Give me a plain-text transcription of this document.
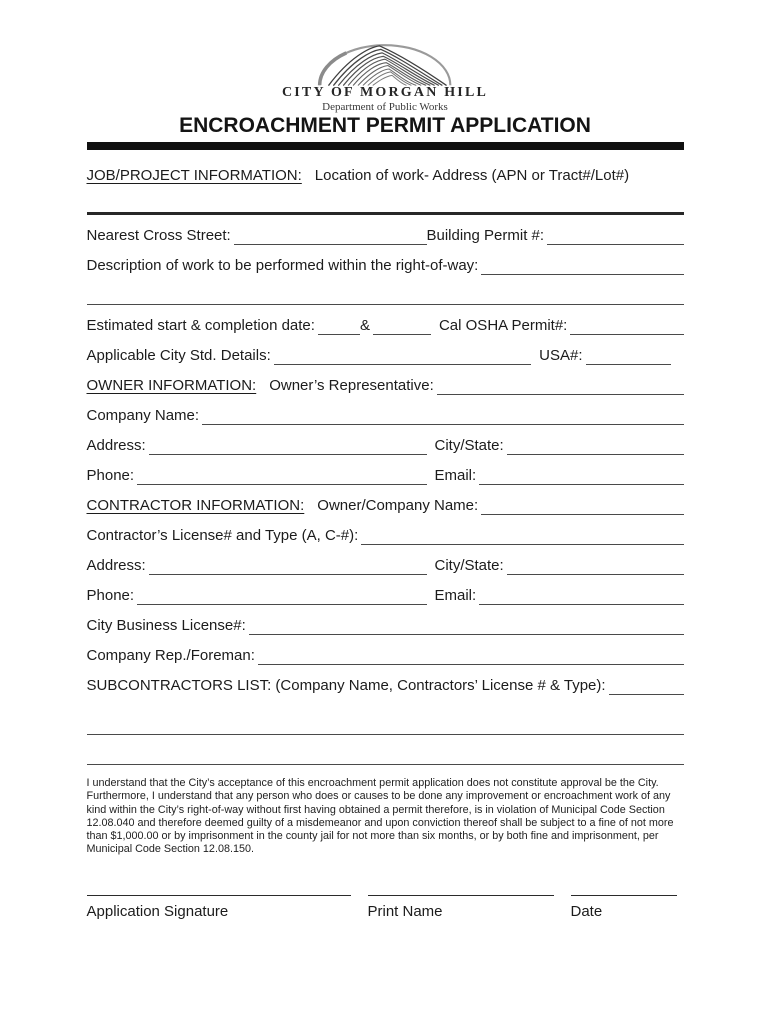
CITY OF MORGAN HILL
Department of Public Works
ENCROACHMENT PERMIT APPLICATION
JOB/PROJECT INFORMATION: Location of work- Address (APN or Tract#/Lot#)
Nearest Cross Street:	Building Permit #:
Description of work to be performed within the right-of-way:
Estimated start & completion date:	&	Cal OSHA Permit#:
Applicable City Std. Details:	USA#:
OWNER INFORMATION: Owner’s Representative:
Company Name:
Address:	City/State:
Phone:	Email:
CONTRACTOR INFORMATION: Owner/Company Name:
Contractor’s License# and Type (A, C-#):
Address:	City/State:
Phone:	Email:
City Business License#:
Company Rep./Foreman:
SUBCONTRACTORS LIST: (Company Name, Contractors’ License # & Type):
I understand that the City’s acceptance of this encroachment permit application does not constitute approval be the City. Furthermore, I understand that any person who does or causes to be done any improvement or encroachment work of any kind within the City’s right-of-way without first having obtained a permit therefore, is in violation of Municipal Code Section 12.08.040 and therefore deemed guilty of a misdemeanor and upon conviction thereof shall be subject to a fine of not more than $1,000.00 or by imprisonment in the county jail for not more than six months, or by both fine and imprisonment, per Municipal Code Section 12.08.150.
Application Signature	Print Name	Date
